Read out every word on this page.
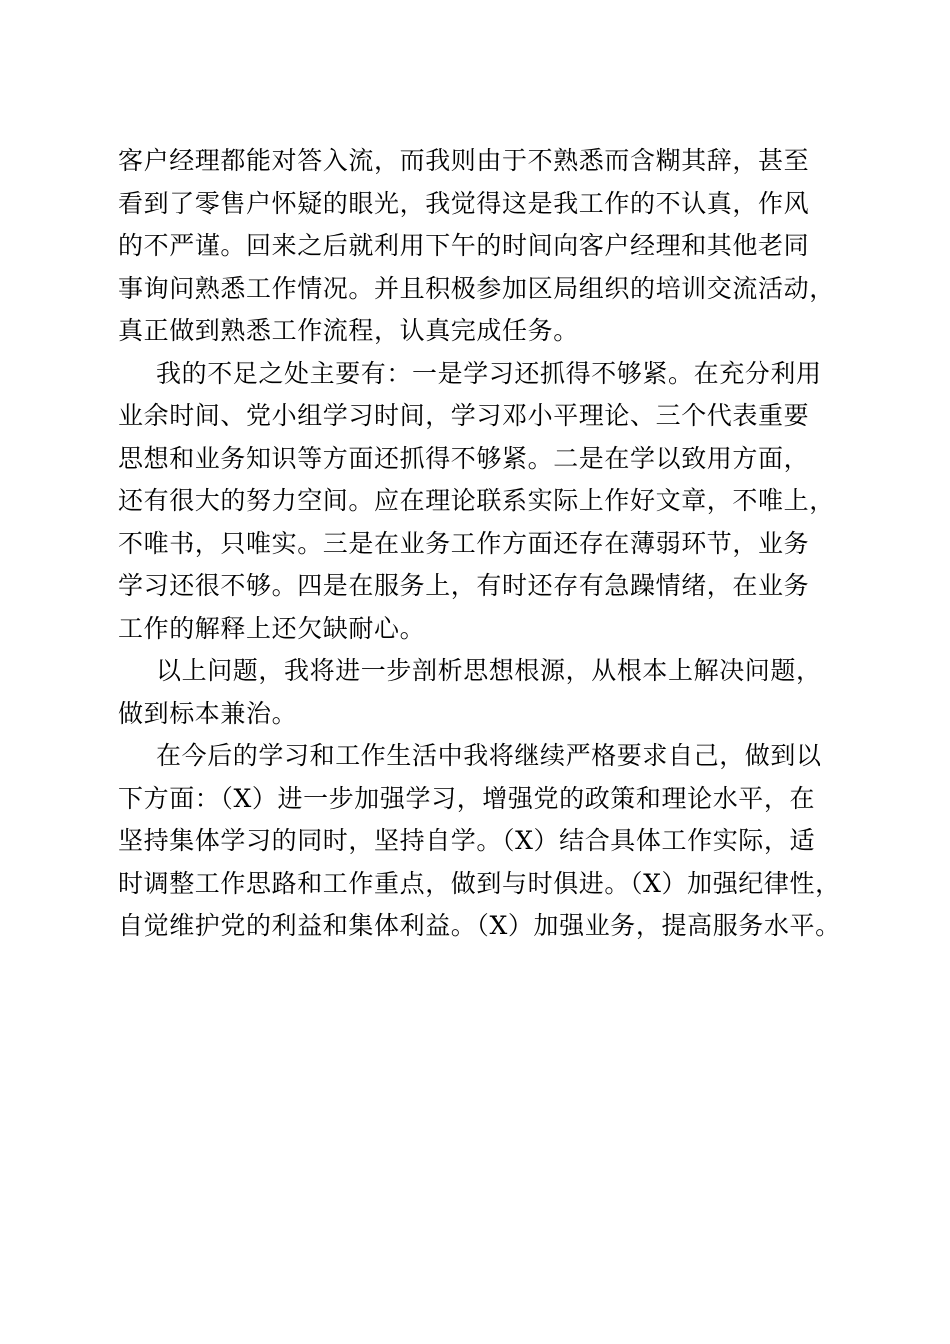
客户经理都能对答入流，而我则由于不熟悉而含糊其辞，甚至
看到了零售户怀疑的眼光，我觉得这是我工作的不认真，作风
的不严谨。回来之后就利用下午的时间向客户经理和其他老同
事询问熟悉工作情况。并且积极参加区局组织的培训交流活动，
真正做到熟悉工作流程，认真完成任务。
我的不足之处主要有：一是学习还抓得不够紧。在充分利用
业余时间、党小组学习时间，学习邓小平理论、三个代表重要
思想和业务知识等方面还抓得不够紧。二是在学以致用方面，
还有很大的努力空间。应在理论联系实际上作好文章，不唯上，
不唯书，只唯实。三是在业务工作方面还存在薄弱环节，业务
学习还很不够。四是在服务上，有时还存有急躁情绪，在业务
工作的解释上还欠缺耐心。
以上问题，我将进一步剖析思想根源，从根本上解决问题，
做到标本兼治。
在今后的学习和工作生活中我将继续严格要求自己，做到以
下方面：（X）进一步加强学习，增强党的政策和理论水平，在
坚持集体学习的同时，坚持自学。（X）结合具体工作实际，适
时调整工作思路和工作重点，做到与时俱进。（X）加强纪律性，
自觉维护党的利益和集体利益。（X）加强业务，提高服务水平。
